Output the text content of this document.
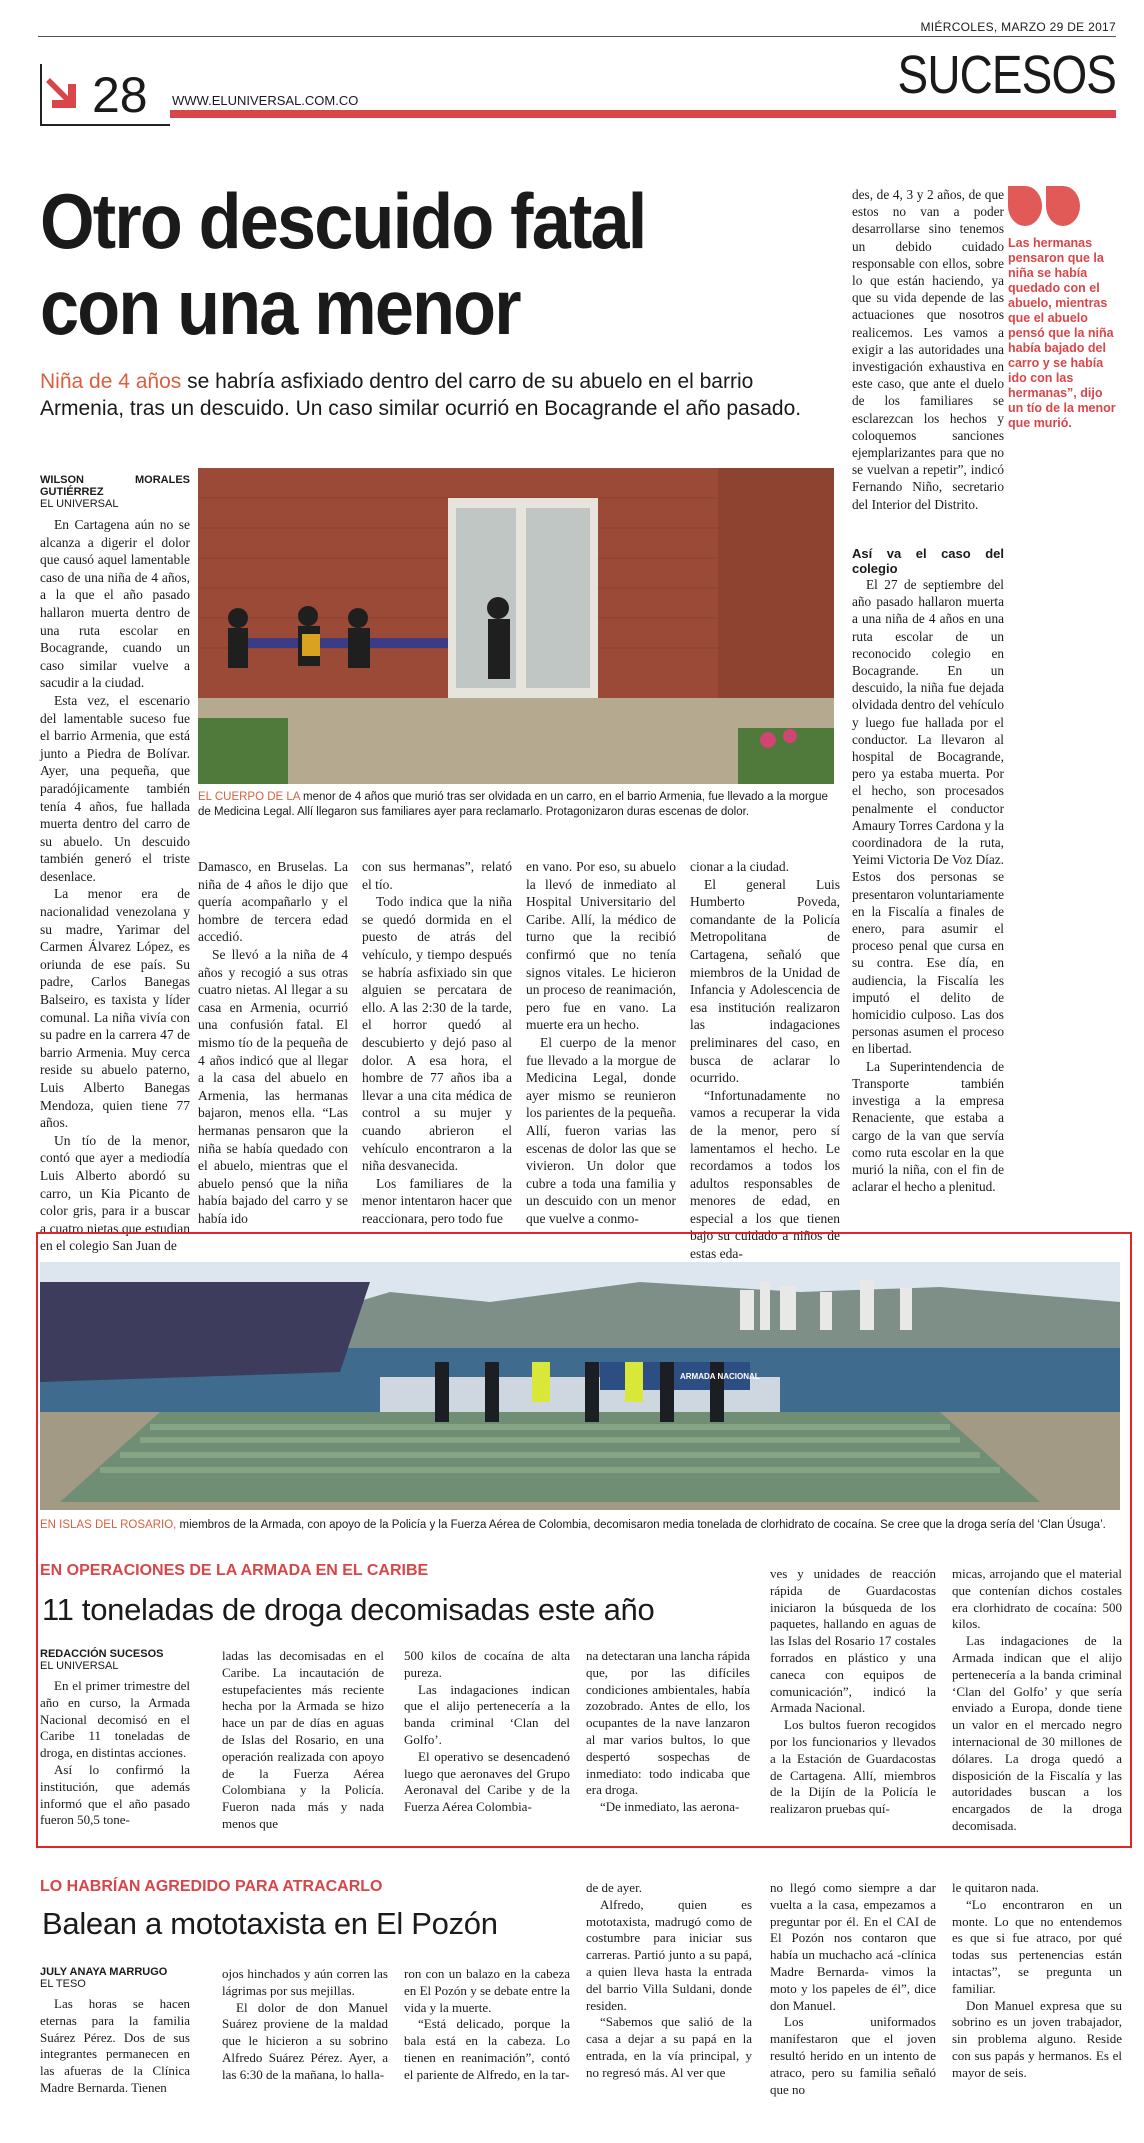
MIÉRCOLES, MARZO 29 DE 2017
28 WWW.ELUNIVERSAL.COM.CO	SUCESOS
Otro descuido fatal
con una menor
Niña de 4 años se habría asfixiado dentro del carro de su abuelo en el barrio Armenia, tras un descuido. Un caso similar ocurrió en Bocagrande el año pasado.
Las hermanas pensaron que la niña se había quedado con el abuelo, mientras que el abuelo pensó que la niña había bajado del carro y se había ido con las hermanas”, dijo un tío de la menor que murió.
WILSON MORALES GUTIÉRREZ
EL UNIVERSAL

En Cartagena aún no se alcanza a digerir el dolor que causó aquel lamentable caso de una niña de 4 años, a la que el año pasado hallaron muerta dentro de una ruta escolar en Bocagrande, cuando un caso similar vuelve a sacudir a la ciudad.

Esta vez, el escenario del lamentable suceso fue el barrio Armenia, que está junto a Piedra de Bolívar. Ayer, una pequeña, que paradójicamente también tenía 4 años, fue hallada muerta dentro del carro de su abuelo. Un descuido también generó el triste desenlace.

La menor era de nacionalidad venezolana y su madre, Yarimar del Carmen Álvarez López, es oriunda de ese país. Su padre, Carlos Banegas Balseiro, es taxista y líder comunal. La niña vivía con su padre en la carrera 47 de barrio Armenia. Muy cerca reside su abuelo paterno, Luis Alberto Banegas Mendoza, quien tiene 77 años.

Un tío de la menor, contó que ayer a mediodía Luis Alberto abordó su carro, un Kia Picanto de color gris, para ir a buscar a cuatro nietas que estudian en el colegio San Juan de

EL CUERPO DE LA menor de 4 años que murió tras ser olvidada en un carro, en el barrio Armenia, fue llevado a la morgue de Medicina Legal. Allí llegaron sus familiares ayer para reclamarlo. Protagonizaron duras escenas de dolor.

Damasco, en Bruselas. La niña de 4 años le dijo que quería acompañarlo y el hombre de tercera edad accedió.

Se llevó a la niña de 4 años y recogió a sus otras cuatro nietas. Al llegar a su casa en Armenia, ocurrió una confusión fatal. El mismo tío de la pequeña de 4 años indicó que al llegar a la casa del abuelo en Armenia, las hermanas bajaron, menos ella. “Las hermanas pensaron que la niña se había quedado con el abuelo, mientras que el abuelo pensó que la niña había bajado del carro y se había ido

con sus hermanas”, relató el tío.

Todo indica que la niña se quedó dormida en el puesto de atrás del vehículo, y tiempo después se habría asfixiado sin que alguien se percatara de ello. A las 2:30 de la tarde, el horror quedó al descubierto y dejó paso al dolor. A esa hora, el hombre de 77 años iba a llevar a una cita médica de control a su mujer y cuando abrieron el vehículo encontraron a la niña desvanecida.

Los familiares de la menor intentaron hacer que reaccionara, pero todo fue

en vano. Por eso, su abuelo la llevó de inmediato al Hospital Universitario del Caribe. Allí, la médico de turno que la recibió confirmó que no tenía signos vitales. Le hicieron un proceso de reanimación, pero fue en vano. La muerte era un hecho.

El cuerpo de la menor fue llevado a la morgue de Medicina Legal, donde ayer mismo se reunieron los parientes de la pequeña. Allí, fueron varias las escenas de dolor las que se vivieron. Un dolor que cubre a toda una familia y un descuido con un menor que vuelve a conmo-

cionar a la ciudad.

El general Luis Humberto Poveda, comandante de la Policía Metropolitana de Cartagena, señaló que miembros de la Unidad de Infancia y Adolescencia de esa institución realizaron las indagaciones preliminares del caso, en busca de aclarar lo ocurrido.

“Infortunadamente no vamos a recuperar la vida de la menor, pero sí lamentamos el hecho. Le recordamos a todos los adultos responsables de menores de edad, en especial a los que tienen bajo su cuidado a niños de estas eda-

des, de 4, 3 y 2 años, de que estos no van a poder desarrollarse sino tenemos un debido cuidado responsable con ellos, sobre lo que están haciendo, ya que su vida depende de las actuaciones que nosotros realicemos. Les vamos a exigir a las autoridades una investigación exhaustiva en este caso, que ante el duelo de los familiares se esclarezcan los hechos y coloquemos sanciones ejemplarizantes para que no se vuelvan a repetir”, indicó Fernando Niño, secretario del Interior del Distrito.

Así va el caso del colegio

El 27 de septiembre del año pasado hallaron muerta a una niña de 4 años en una ruta escolar de un reconocido colegio en Bocagrande. En un descuido, la niña fue dejada olvidada dentro del vehículo y luego fue hallada por el conductor. La llevaron al hospital de Bocagrande, pero ya estaba muerta. Por el hecho, son procesados penalmente el conductor Amaury Torres Cardona y la coordinadora de la ruta, Yeimi Victoria De Voz Díaz. Estos dos personas se presentaron voluntariamente en la Fiscalía a finales de enero, para asumir el proceso penal que cursa en su contra. Ese día, en audiencia, la Fiscalía les imputó el delito de homicidio culposo. Las dos personas asumen el proceso en libertad.

La Superintendencia de Transporte también investiga a la empresa Renaciente, que estaba a cargo de la van que servía como ruta escolar en la que murió la niña, con el fin de aclarar el hecho a plenitud.

ARMADA NACIONAL
EN ISLAS DEL ROSARIO, miembros de la Armada, con apoyo de la Policía y la Fuerza Aérea de Colombia, decomisaron media tonelada de clorhidrato de cocaína. Se cree que la droga sería del ‘Clan Úsuga’.
EN OPERACIONES DE LA ARMADA EN EL CARIBE
11 toneladas de droga decomisadas este año
REDACCIÓN SUCESOS
EL UNIVERSAL

En el primer trimestre del año en curso, la Armada Nacional decomisó en el Caribe 11 toneladas de droga, en distintas acciones.

Así lo confirmó la institución, que además informó que el año pasado fueron 50,5 tone-

ladas las decomisadas en el Caribe. La incautación de estupefacientes más reciente hecha por la Armada se hizo hace un par de días en aguas de Islas del Rosario, en una operación realizada con apoyo de la Fuerza Aérea Colombiana y la Policía. Fueron nada más y nada menos que

500 kilos de cocaína de alta pureza.

Las indagaciones indican que el alijo pertenecería a la banda criminal ‘Clan del Golfo’.

El operativo se desencadenó luego que aeronaves del Grupo Aeronaval del Caribe y de la Fuerza Aérea Colombia-

na detectaran una lancha rápida que, por las difíciles condiciones ambientales, había zozobrado. Antes de ello, los ocupantes de la nave lanzaron al mar varios bultos, lo que despertó sospechas de inmediato: todo indicaba que era droga.

“De inmediato, las aerona-

ves y unidades de reacción rápida de Guardacostas iniciaron la búsqueda de los paquetes, hallando en aguas de las Islas del Rosario 17 costales forrados en plástico y una caneca con equipos de comunicación”, indicó la Armada Nacional.

Los bultos fueron recogidos por los funcionarios y llevados a la Estación de Guardacostas de Cartagena. Allí, miembros de la Dijín de la Policía le realizaron pruebas quí-

micas, arrojando que el material que contenían dichos costales era clorhidrato de cocaína: 500 kilos.

Las indagaciones de la Armada indican que el alijo pertenecería a la banda criminal ‘Clan del Golfo’ y que sería enviado a Europa, donde tiene un valor en el mercado negro internacional de 30 millones de dólares. La droga quedó a disposición de la Fiscalía y las autoridades buscan a los encargados de la droga decomisada.

LO HABRÍAN AGREDIDO PARA ATRACARLO
Balean a mototaxista en El Pozón
JULY ANAYA MARRUGO
EL TESO

Las horas se hacen eternas para la familia Suárez Pérez. Dos de sus integrantes permanecen en las afueras de la Clínica Madre Bernarda. Tienen

ojos hinchados y aún corren las lágrimas por sus mejillas.

El dolor de don Manuel Suárez proviene de la maldad que le hicieron a su sobrino Alfredo Suárez Pérez. Ayer, a las 6:30 de la mañana, lo halla-

ron con un balazo en la cabeza en El Pozón y se debate entre la vida y la muerte.

“Está delicado, porque la bala está en la cabeza. Lo tienen en reanimación”, contó el pariente de Alfredo, en la tar-

de de ayer.

Alfredo, quien es mototaxista, madrugó como de costumbre para iniciar sus carreras. Partió junto a su papá, a quien lleva hasta la entrada del barrio Villa Suldani, donde residen.

“Sabemos que salió de la casa a dejar a su papá en la entrada, en la vía principal, y no regresó más. Al ver que

no llegó como siempre a dar vuelta a la casa, empezamos a preguntar por él. En el CAI de El Pozón nos contaron que había un muchacho acá -clínica Madre Bernarda- vimos la moto y los papeles de él”, dice don Manuel.

Los uniformados manifestaron que el joven resultó herido en un intento de atraco, pero su familia señaló que no

le quitaron nada.

“Lo encontraron en un monte. Lo que no entendemos es que si fue atraco, por qué todas sus pertenencias están intactas”, se pregunta un familiar.

Don Manuel expresa que su sobrino es un joven trabajador, sin problema alguno. Reside con sus papás y hermanos. Es el mayor de seis.
